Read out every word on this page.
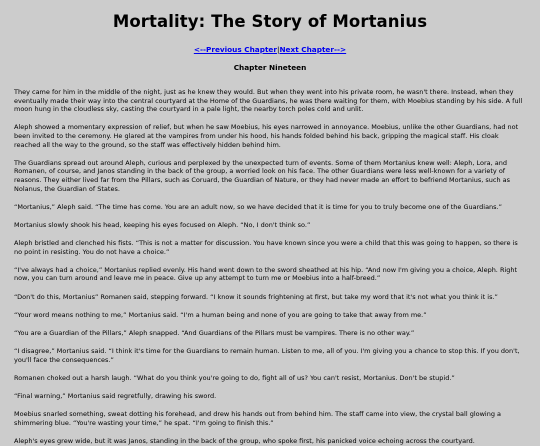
Mortality: The Story of Mortanius
<--Previous Chapter|Next Chapter-->
Chapter Nineteen

They came for him in the middle of the night, just as he knew they would. But when they went into his private room, he wasn't there. Instead, when they eventually made their way into the central courtyard at the Home of the Guardians, he was there waiting for them, with Moebius standing by his side. A full moon hung in the cloudless sky, casting the courtyard in a pale light, the nearby torch poles cold and unlit.

Aleph showed a momentary expression of relief, but when he saw Moebius, his eyes narrowed in annoyance. Moebius, unlike the other Guardians, had not been invited to the ceremony. He glared at the vampires from under his hood, his hands folded behind his back, gripping the magical staff. His cloak reached all the way to the ground, so the staff was effectively hidden behind him.

The Guardians spread out around Aleph, curious and perplexed by the unexpected turn of events. Some of them Mortanius knew well: Aleph, Lora, and Romanen, of course, and Janos standing in the back of the group, a worried look on his face. The other Guardians were less well-known for a variety of reasons. They either lived far from the Pillars, such as Coruard, the Guardian of Nature, or they had never made an effort to befriend Mortanius, such as Nolanus, the Guardian of States.

“Mortanius,” Aleph said. “The time has come. You are an adult now, so we have decided that it is time for you to truly become one of the Guardians.”

Mortanius slowly shook his head, keeping his eyes focused on Aleph. “No, I don't think so.”

Aleph bristled and clenched his fists. “This is not a matter for discussion. You have known since you were a child that this was going to happen, so there is no point in resisting. You do not have a choice.”

“I've always had a choice,” Mortanius replied evenly. His hand went down to the sword sheathed at his hip. “And now I'm giving you a choice, Aleph. Right now, you can turn around and leave me in peace. Give up any attempt to turn me or Moebius into a half-breed.”

“Don't do this, Mortanius” Romanen said, stepping forward. “I know it sounds frightening at first, but take my word that it's not what you think it is.”

“Your word means nothing to me,” Mortanius said. “I'm a human being and none of you are going to take that away from me.”

“You are a Guardian of the Pillars,” Aleph snapped. “And Guardians of the Pillars must be vampires. There is no other way.”

“I disagree,” Mortanius said. “I think it's time for the Guardians to remain human. Listen to me, all of you. I'm giving you a chance to stop this. If you don't, you'll face the consequences.”

Romanen choked out a harsh laugh. “What do you think you're going to do, fight all of us? You can't resist, Mortanius. Don't be stupid.”

“Final warning,” Mortanius said regretfully, drawing his sword.

Moebius snarled something, sweat dotting his forehead, and drew his hands out from behind him. The staff came into view, the crystal ball glowing a shimmering blue. “You're wasting your time,” he spat. “I'm going to finish this.”

Aleph's eyes grew wide, but it was Janos, standing in the back of the group, who spoke first, his panicked voice echoing across the courtyard.
